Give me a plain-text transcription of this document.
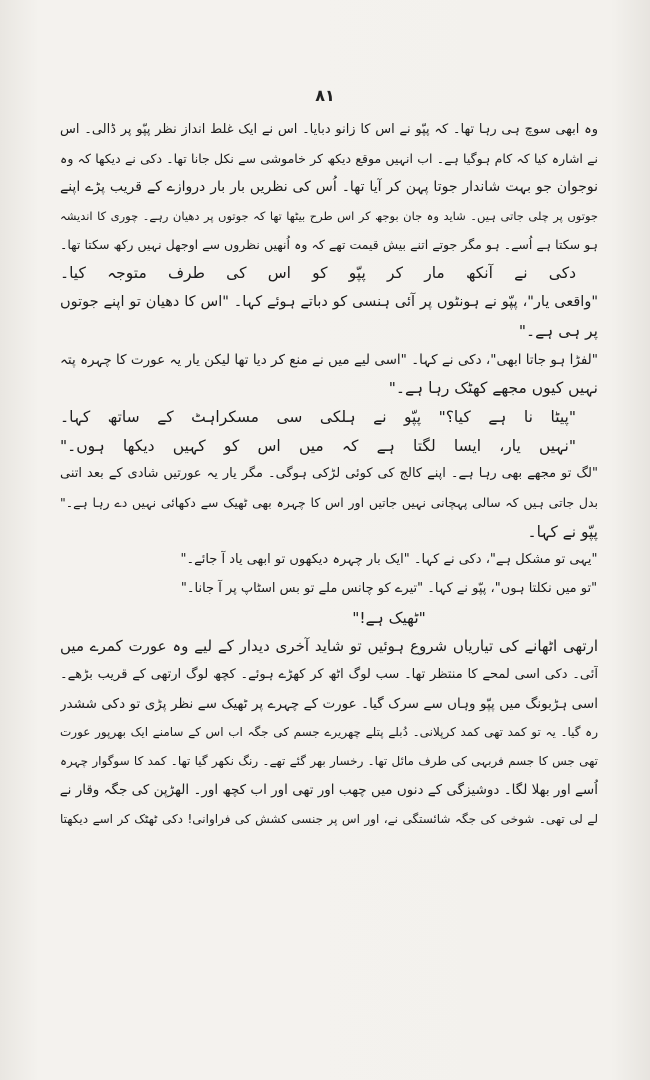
۸۱
وہ ابھی سوچ ہی رہا تھا۔ کہ پپّو نے اس کا زانو دبایا۔ اس نے ایک غلط انداز نظر پپّو پر ڈالی۔ اس
نے اشارہ کیا کہ کام ہوگیا ہے۔ اب انہیں موقع دیکھ کر خاموشی سے نکل جانا تھا۔ دکی نے دیکھا کہ وہ
نوجوان جو بہت شاندار جوتا پہن کر آیا تھا۔ اُس کی نظریں بار بار دروازے کے قریب پڑے اپنے
جوتوں پر چلی جاتی ہیں۔ شاید وہ جان بوجھ کر اس طرح بیٹھا تھا کہ جوتوں پر دھیان رہے۔ چوری کا اندیشہ
ہو سکتا ہے اُسے۔ ہو مگر جوتے اتنے بیش قیمت تھے کہ وہ اُنھیں نظروں سے اوجھل نہیں رکھ سکتا تھا۔
دکی نے آنکھ مار کر پپّو کو اس کی طرف متوجہ کیا۔
"واقعی یار"، پپّو نے ہونٹوں پر آئی ہنسی کو دباتے ہوئے کہا۔ "اس کا دھیان تو اپنے جوتوں
پر ہی ہے۔"
"لفڑا ہو جاتا ابھی"، دکی نے کہا۔ "اسی لیے میں نے منع کر دیا تھا لیکن یار یہ عورت کا چہرہ پتہ
نہیں کیوں مجھے کھٹک رہا ہے۔"
"پیٹا نا ہے کیا؟" پپّو نے ہلکی سی مسکراہٹ کے ساتھ کہا۔
"نہیں یار، ایسا لگتا ہے کہ میں اس کو کہیں دیکھا ہوں۔"
"لگ تو مجھے بھی رہا ہے۔ اپنے کالج کی کوئی لڑکی ہوگی۔ مگر یار یہ عورتیں شادی کے بعد اتنی
بدل جاتی ہیں کہ سالی پہچانی نہیں جاتیں اور اس کا چہرہ بھی ٹھیک سے دکھائی نہیں دے رہا ہے۔"
پپّو نے کہا۔
"یہی تو مشکل ہے"، دکی نے کہا۔ "ایک بار چہرہ دیکھوں تو ابھی یاد آ جائے۔"
"تو میں نکلتا ہوں"، پپّو نے کہا۔ "تیرے کو چانس ملے تو بس اسٹاپ پر آ جانا۔"
"ٹھیک ہے!"
ارتھی اٹھانے کی تیاریاں شروع ہوئیں تو شاید آخری دیدار کے لیے وہ عورت کمرے میں
آئی۔ دکی اسی لمحے کا منتظر تھا۔ سب لوگ اٹھ کر کھڑے ہوئے۔ کچھ لوگ ارتھی کے قریب بڑھے۔
اسی ہڑبونگ میں پپّو وہاں سے سرک گیا۔ عورت کے چہرے پر ٹھیک سے نظر پڑی تو دکی ششدر
رہ گیا۔ یہ تو کمد تھی کمد کرپلانی۔ دُبلے پتلے چھریرے جسم کی جگہ اب اس کے سامنے ایک بھرپور عورت
تھی جس کا جسم فربہی کی طرف مائل تھا۔ رخسار بھر گئے تھے۔ رنگ نکھر گیا تھا۔ کمد کا سوگوار چہرہ
اُسے اور بھلا لگا۔ دوشیزگی کے دنوں میں چھب اور تھی اور اب کچھ اور۔ الھڑپن کی جگہ وقار نے
لے لی تھی۔ شوخی کی جگہ شائستگی نے، اور اس پر جنسی کشش کی فراوانی! دکی ٹھٹک کر اسے دیکھتا
